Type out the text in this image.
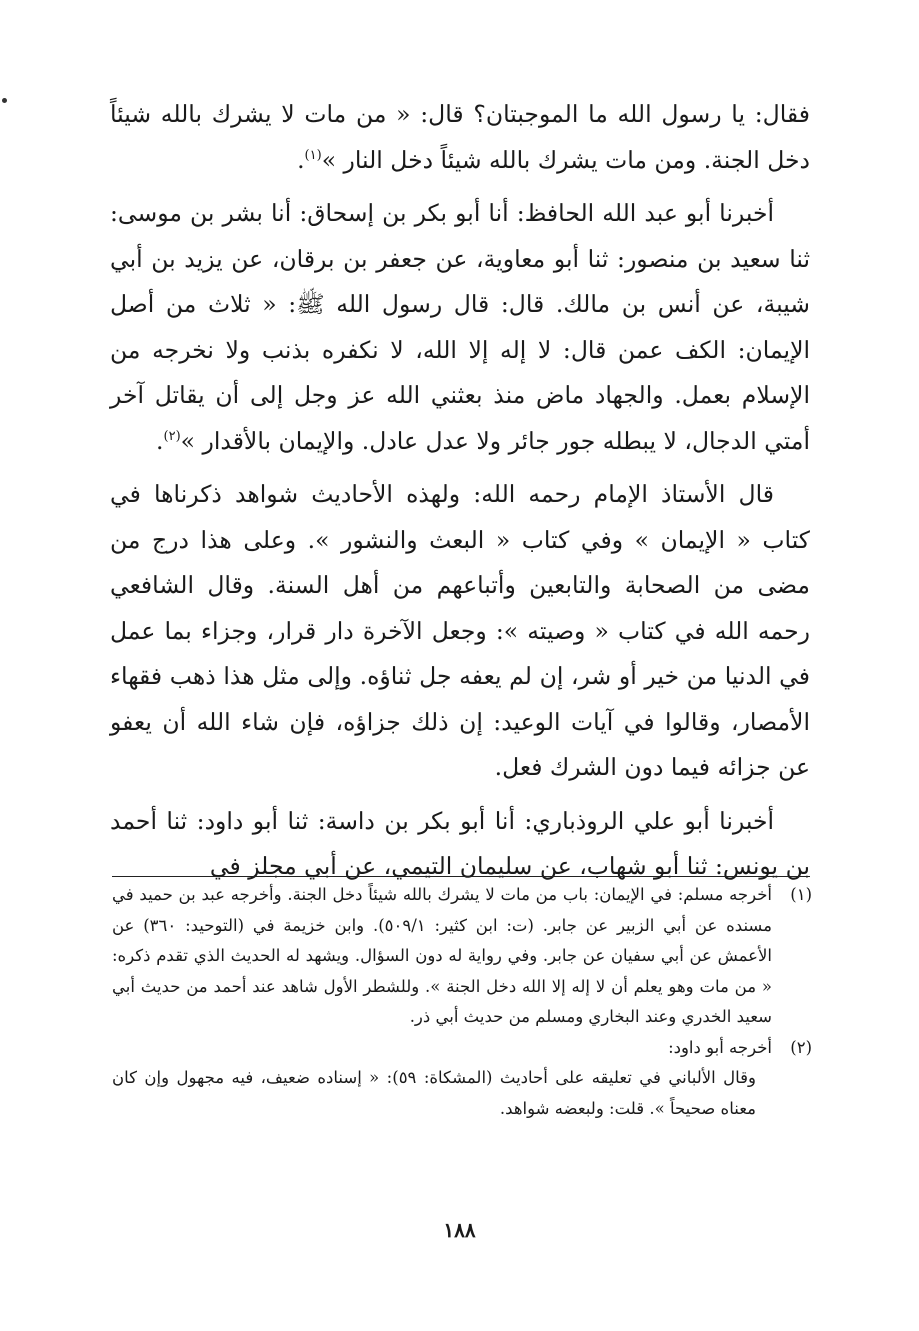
فقال: يا رسول الله ما الموجبتان؟ قال: « من مات لا يشرك بالله شيئاً دخل الجنة. ومن مات يشرك بالله شيئاً دخل النار »$^{(١)}$.

أخبرنا أبو عبد الله الحافظ: أنا أبو بكر بن إسحاق: أنا بشر بن موسى: ثنا سعيد بن منصور: ثنا أبو معاوية، عن جعفر بن برقان، عن يزيد بن أبي شيبة، عن أنس بن مالك. قال: قال رسول الله ﷺ: « ثلاث من أصل الإيمان: الكف عمن قال: لا إله إلا الله، لا نكفره بذنب ولا نخرجه من الإسلام بعمل. والجهاد ماض منذ بعثني الله عز وجل إلى أن يقاتل آخر أمتي الدجال، لا يبطله جور جائر ولا عدل عادل. والإيمان بالأقدار »$^{(٢)}$.

قال الأستاذ الإمام رحمه الله: ولهذه الأحاديث شواهد ذكرناها في كتاب « الإيمان » وفي كتاب « البعث والنشور ». وعلى هذا درج من مضى من الصحابة والتابعين وأتباعهم من أهل السنة. وقال الشافعي رحمه الله في كتاب « وصيته »: وجعل الآخرة دار قرار، وجزاء بما عمل في الدنيا من خير أو شر، إن لم يعفه جل ثناؤه. وإلى مثل هذا ذهب فقهاء الأمصار، وقالوا في آيات الوعيد: إن ذلك جزاؤه، فإن شاء الله أن يعفو عن جزائه فيما دون الشرك فعل.

أخبرنا أبو علي الروذباري: أنا أبو بكر بن داسة: ثنا أبو داود: ثنا أحمد بن يونس: ثنا أبو شهاب، عن سليمان التيمي، عن أبي مجلز في

(١)
أخرجه مسلم: في الإيمان: باب من مات لا يشرك بالله شيئاً دخل الجنة. وأخرجه عبد بن حميد في مسنده عن أبي الزبير عن جابر. (ت: ابن كثير: ٥٠٩/١). وابن خزيمة في (التوحيد: ٣٦٠) عن الأعمش عن أبي سفيان عن جابر. وفي رواية له دون السؤال. ويشهد له الحديث الذي تقدم ذكره: « من مات وهو يعلم أن لا إله إلا الله دخل الجنة ». وللشطر الأول شاهد عند أحمد من حديث أبي سعيد الخدري وعند البخاري ومسلم من حديث أبي ذر.
(٢)
أخرجه أبو داود:
وقال الألباني في تعليقه على أحاديث (المشكاة: ٥٩): « إسناده ضعيف، فيه مجهول وإن كان معناه صحيحاً ». قلت: ولبعضه شواهد.
١٨٨
